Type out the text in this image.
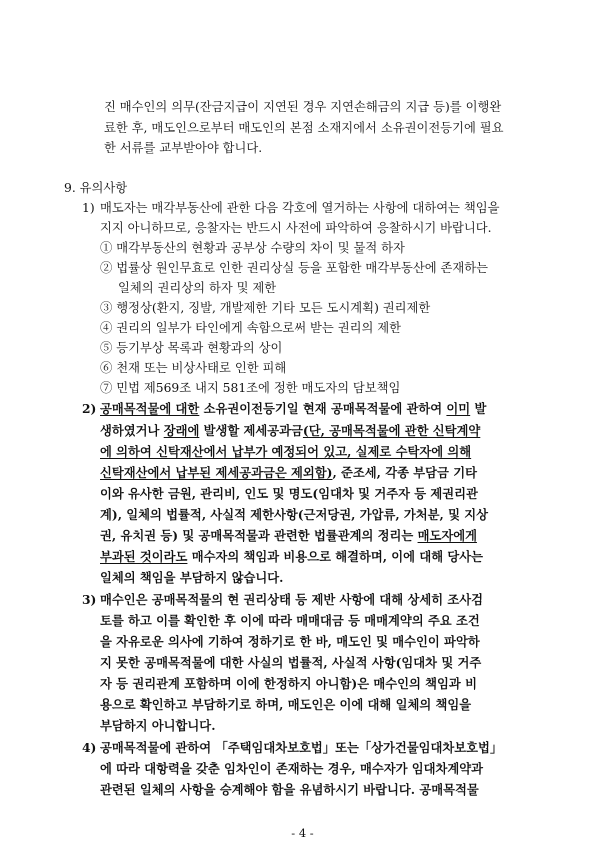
진 매수인의 의무(잔금지급이 지연된 경우 지연손해금의 지급 등)를 이행완
료한 후, 매도인으로부터 매도인의 본점 소재지에서 소유권이전등기에 필요
한 서류를 교부받아야 합니다.
9. 유의사항
1) 매도자는 매각부동산에 관한 다음 각호에 열거하는 사항에 대하여는 책임을
지지 아니하므로, 응찰자는 반드시 사전에 파악하여 응찰하시기 바랍니다.
① 매각부동산의 현황과 공부상 수량의 차이 및 물적 하자
② 법률상 원인무효로 인한 권리상실 등을 포함한 매각부동산에 존재하는
일체의 권리상의 하자 및 제한
③ 행정상(환지, 징발, 개발제한 기타 모든 도시계획) 권리제한
④ 권리의 일부가 타인에게 속함으로써 받는 권리의 제한
⑤ 등기부상 목록과 현황과의 상이
⑥ 천재 또는 비상사태로 인한 피해
⑦ 민법 제569조 내지 581조에 정한 매도자의 담보책임
2) 공매목적물에 대한 소유권이전등기일 현재 공매목적물에 관하여 이미 발
생하였거나 장래에 발생할 제세공과금(단, 공매목적물에 관한 신탁계약
에 의하여 신탁재산에서 납부가 예정되어 있고, 실제로 수탁자에 의해
신탁재산에서 납부된 제세공과금은 제외함), 준조세, 각종 부담금 기타
이와 유사한 금원, 관리비, 인도 및 명도(임대차 및 거주자 등 제권리관
계), 일체의 법률적, 사실적 제한사항(근저당권, 가압류, 가처분, 및 지상
권, 유치권 등) 및 공매목적물과 관련한 법률관계의 정리는 매도자에게
부과된 것이라도 매수자의 책임과 비용으로 해결하며, 이에 대해 당사는
일체의 책임을 부담하지 않습니다.
3) 매수인은 공매목적물의 현 권리상태 등 제반 사항에 대해 상세히 조사검
토를 하고 이를 확인한 후 이에 따라 매매대금 등 매매계약의 주요 조건
을 자유로운 의사에 기하여 정하기로 한 바, 매도인 및 매수인이 파악하
지 못한 공매목적물에 대한 사실의 법률적, 사실적 사항(임대차 및 거주
자 등 권리관계 포함하며 이에 한정하지 아니함)은 매수인의 책임과 비
용으로 확인하고 부담하기로 하며, 매도인은 이에 대해 일체의 책임을
부담하지 아니합니다.
4) 공매목적물에 관하여 「주택임대차보호법」또는「상가건물임대차보호법」
에 따라 대항력을 갖춘 임차인이 존재하는 경우, 매수자가 임대차계약과
관련된 일체의 사항을 승계해야 함을 유념하시기 바랍니다. 공매목적물
- 4 -
